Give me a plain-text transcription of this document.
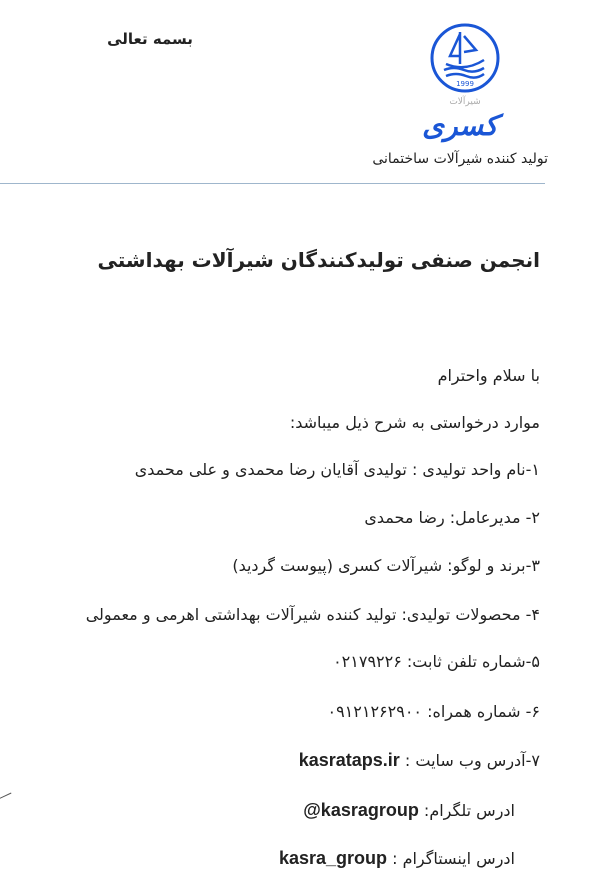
بسمه تعالی
1999
شیرآلات
کسری
تولید کننده شیرآلات ساختمانی
انجمن صنفی تولیدکنندگان شیرآلات بهداشتی
با سلام واحترام
موارد درخواستی به شرح ذیل میباشد:
۱-نام واحد تولیدی : تولیدی آقایان رضا محمدی و علی محمدی
۲- مدیرعامل: رضا محمدی
۳-برند و لوگو: شیرآلات کسری (پیوست گردید)
۴- محصولات تولیدی: تولید کننده شیرآلات بهداشتی اهرمی و معمولی
۵-شماره تلفن ثابت: ۰۲۱۷۹۲۲۶
۶- شماره همراه: ۰۹۱۲۱۲۶۲۹۰۰
۷-آدرس وب سایت : kasrataps.ir
ادرس تلگرام: @kasragroup
ادرس اینستاگرام : kasra_group
